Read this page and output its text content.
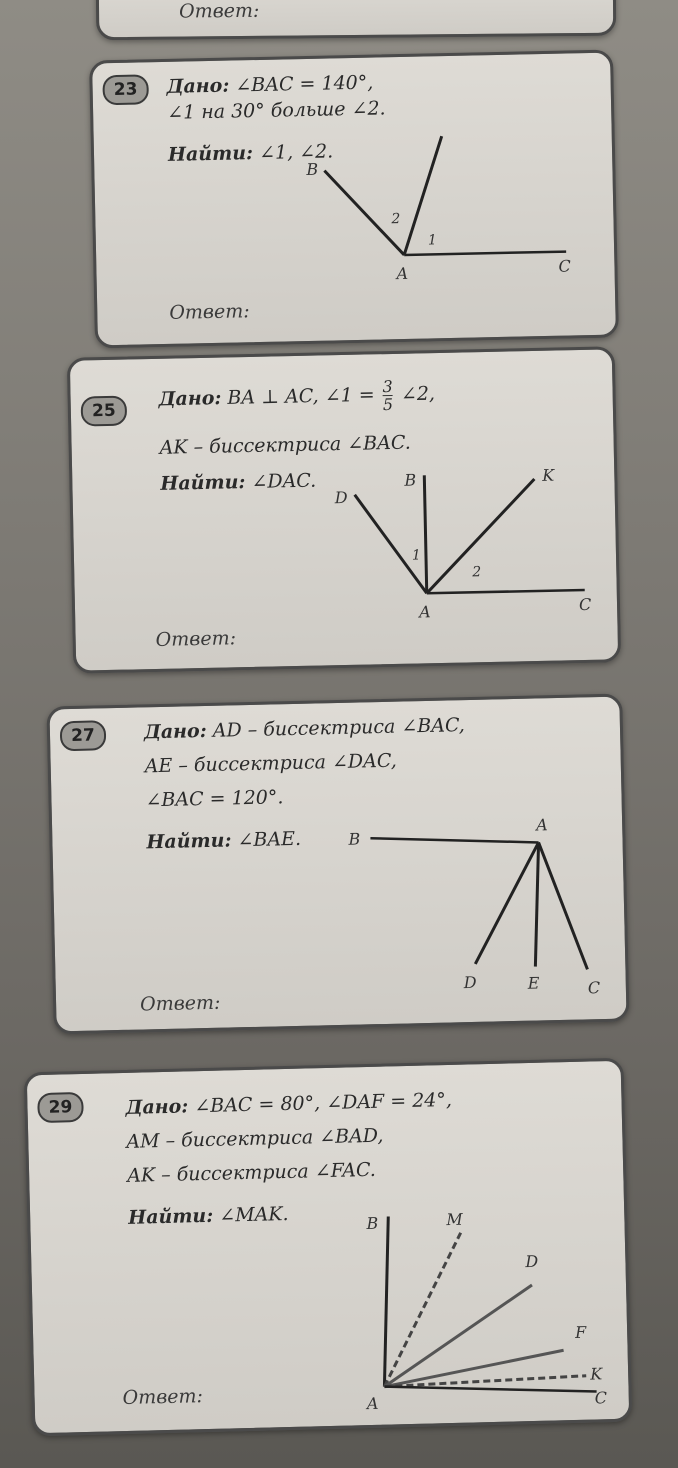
Ответ:
23	Дано: ∠BAC = 140°,
∠1 на 30° больше ∠2.
Найти: ∠1, ∠2.
B
2
1
A	C
Ответ:
25
Дано: BA ⊥ AC, ∠1 = $\frac{3}{5}$ ∠2,
AK – биссектриса ∠BAC.
Найти: ∠DAC.
D
B	K
1
2
A	C
Ответ:
27	Дано: AD – биссектриса ∠BAC,
AE – биссектриса ∠DAC,
∠BAC = 120°.
Найти: ∠BAE.	B
A
D	E	C
Ответ:
29	Дано: ∠BAC = 80°, ∠DAF = 24°,
AM – биссектриса ∠BAD,
AK – биссектриса ∠FAC.
Найти: ∠MAK.	B	M
D
F
K
A	C
Ответ:
